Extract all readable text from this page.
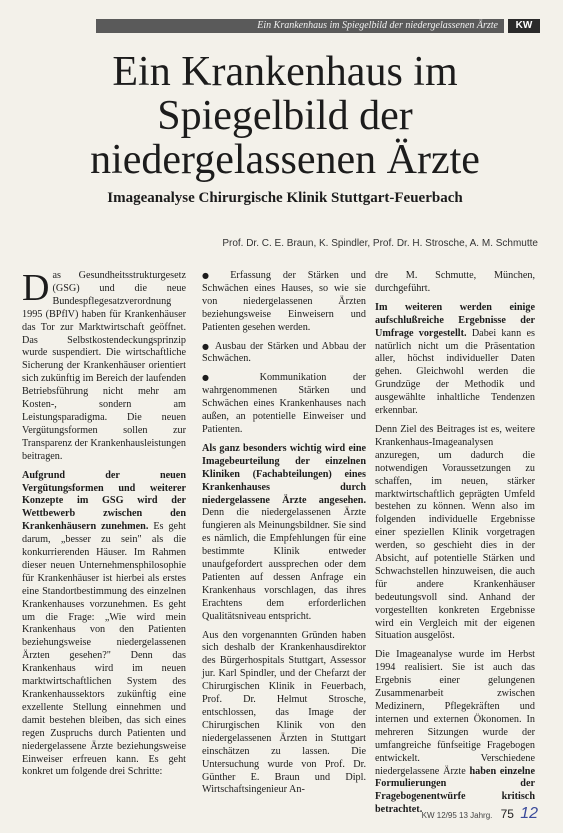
Ein Krankenhaus im Spiegelbild der niedergelassenen Ärzte	KW
Ein Krankenhaus im
Spiegelbild der
niedergelassenen Ärzte
Imageanalyse Chirurgische Klinik Stuttgart-Feuerbach
Prof. Dr. C. E. Braun, K. Spindler, Prof. Dr. H. Strosche, A. M. Schmutte

Das Gesundheitsstrukturgesetz (GSG) und die neue Bundespflegesatzverordnung 1995 (BPflV) haben für Krankenhäuser das Tor zur Marktwirtschaft geöffnet. Das Selbstkostendeckungsprinzip wurde suspendiert. Die wirtschaftliche Sicherung der Krankenhäuser orientiert sich zukünftig im Bereich der laufenden Betriebsführung nicht mehr am Kosten-, sondern am Leistungsparadigma. Die neuen Vergütungsformen sollen zur Transparenz der Krankenhausleistungen beitragen.

Aufgrund der neuen Vergütungsformen und weiterer Konzepte im GSG wird der Wettbewerb zwischen den Krankenhäusern zunehmen. Es geht darum, „besser zu sein" als die konkurrierenden Häuser. Im Rahmen dieser neuen Unternehmensphilosophie für Krankenhäuser ist hierbei als erstes eine Standortbestimmung des einzelnen Krankenhauses vorzunehmen. Es geht um die Frage: „Wie wird mein Krankenhaus von den Patienten beziehungsweise niedergelassenen Ärzten gesehen?" Denn das Krankenhaus wird im neuen marktwirtschaftlichen System des Krankenhaussektors zukünftig eine exzellente Stellung einnehmen und damit bestehen bleiben, das sich eines regen Zuspruchs durch Patienten und niedergelassene Ärzte beziehungsweise Einweiser erfreuen kann. Es geht konkret um folgende drei Schritte:

● Erfassung der Stärken und Schwächen eines Hauses, so wie sie von niedergelassenen Ärzten beziehungsweise Einweisern und Patienten gesehen werden.

● Ausbau der Stärken und Abbau der Schwächen.

● Kommunikation der wahrgenommenen Stärken und Schwächen eines Krankenhauses nach außen, an potentielle Einweiser und Patienten.

Als ganz besonders wichtig wird eine Imagebeurteilung der einzelnen Kliniken (Fachabteilungen) eines Krankenhauses durch niedergelassene Ärzte angesehen. Denn die niedergelassenen Ärzte fungieren als Meinungsbildner. Sie sind es nämlich, die Empfehlungen für eine bestimmte Klinik entweder unaufgefordert aussprechen oder dem Patienten auf dessen Anfrage ein Krankenhaus vorschlagen, das ihres Erachtens dem erforderlichen Qualitätsniveau entspricht.

Aus den vorgenannten Gründen haben sich deshalb der Krankenhausdirektor des Bürgerhospitals Stuttgart, Assessor jur. Karl Spindler, und der Chefarzt der Chirurgischen Klinik in Feuerbach, Prof. Dr. Helmut Strosche, entschlossen, das Image der Chirurgischen Klinik von den niedergelassenen Ärzten in Stuttgart einschätzen zu lassen. Die Untersuchung wurde von Prof. Dr. Günther E. Braun und Dipl. Wirtschaftsingenieur An-

dre M. Schmutte, München, durchgeführt.

Im weiteren werden einige aufschlußreiche Ergebnisse der Umfrage vorgestellt. Dabei kann es natürlich nicht um die Präsentation aller, höchst individueller Daten gehen. Gleichwohl werden die Grundzüge der Methodik und ausgewählte inhaltliche Tendenzen erkennbar.

Denn Ziel des Beitrages ist es, weitere Krankenhaus-Imageanalysen anzuregen, um dadurch die notwendigen Voraussetzungen zu schaffen, im neuen, stärker marktwirtschaftlich geprägten Umfeld bestehen zu können. Wenn also im folgenden individuelle Ergebnisse einer speziellen Klinik vorgetragen werden, so geschieht dies in der Absicht, auf potentielle Stärken und Schwachstellen hinzuweisen, die auch für andere Krankenhäuser bedeutungsvoll sind. Anhand der vorgestellten konkreten Ergebnisse wird ein Vergleich mit der eigenen Situation ausgelöst.

Die Imageanalyse wurde im Herbst 1994 realisiert. Sie ist auch das Ergebnis einer gelungenen Zusammenarbeit zwischen Medizinern, Pflegekräften und internen und externen Ökonomen. In mehreren Sitzungen wurde der umfangreiche fünfseitige Fragebogen entwickelt. Verschiedene niedergelassene Ärzte haben einzelne Formulierungen der Fragebogenentwürfe kritisch betrachtet.

KW 12/95 13 Jahrg. 75 12
